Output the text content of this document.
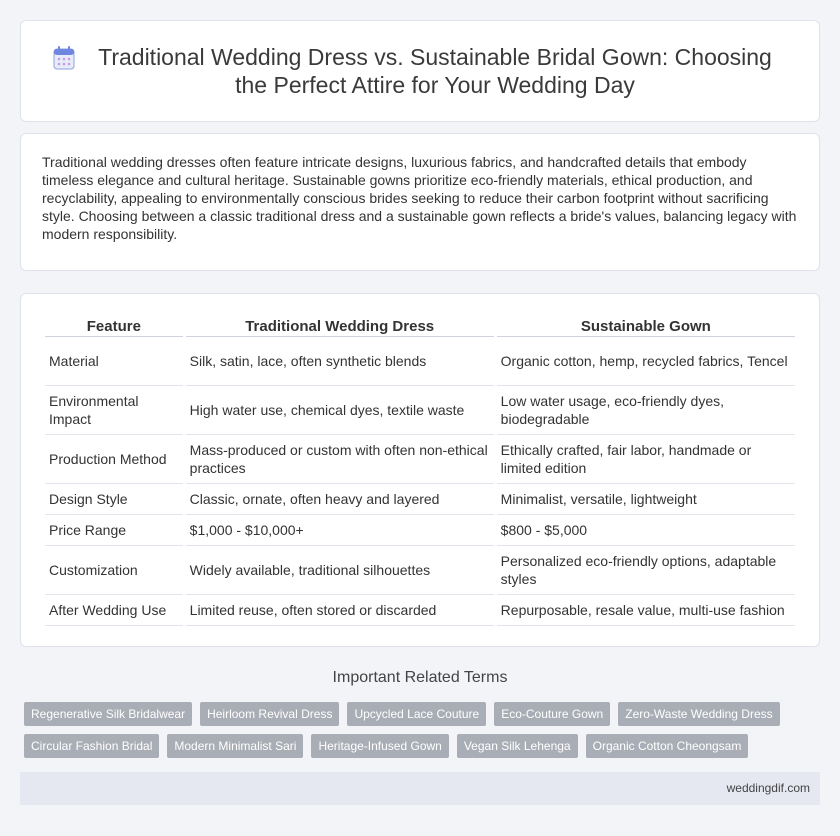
Traditional Wedding Dress vs. Sustainable Bridal Gown: Choosing the Perfect Attire for Your Wedding Day

Traditional wedding dresses often feature intricate designs, luxurious fabrics, and handcrafted details that embody timeless elegance and cultural heritage. Sustainable gowns prioritize eco-friendly materials, ethical production, and recyclability, appealing to environmentally conscious brides seeking to reduce their carbon footprint without sacrificing style. Choosing between a classic traditional dress and a sustainable gown reflects a bride's values, balancing legacy with modern responsibility.

Feature	Traditional Wedding Dress	Sustainable Gown
Material	Silk, satin, lace, often synthetic blends	Organic cotton, hemp, recycled fabrics, Tencel
Environmental Impact	High water use, chemical dyes, textile waste	Low water usage, eco-friendly dyes, biodegradable
Production Method	Mass-produced or custom with often non-ethical practices	Ethically crafted, fair labor, handmade or limited edition
Design Style	Classic, ornate, often heavy and layered	Minimalist, versatile, lightweight
Price Range	$1,000 - $10,000+	$800 - $5,000
Customization	Widely available, traditional silhouettes	Personalized eco-friendly options, adaptable styles
After Wedding Use	Limited reuse, often stored or discarded	Repurposable, resale value, multi-use fashion
Important Related Terms
Regenerative Silk Bridalwear	Heirloom Revival Dress	Upcycled Lace Couture	Eco-Couture Gown	Zero-Waste Wedding Dress
Circular Fashion Bridal	Modern Minimalist Sari	Heritage-Infused Gown	Vegan Silk Lehenga	Organic Cotton Cheongsam
weddingdif.com
